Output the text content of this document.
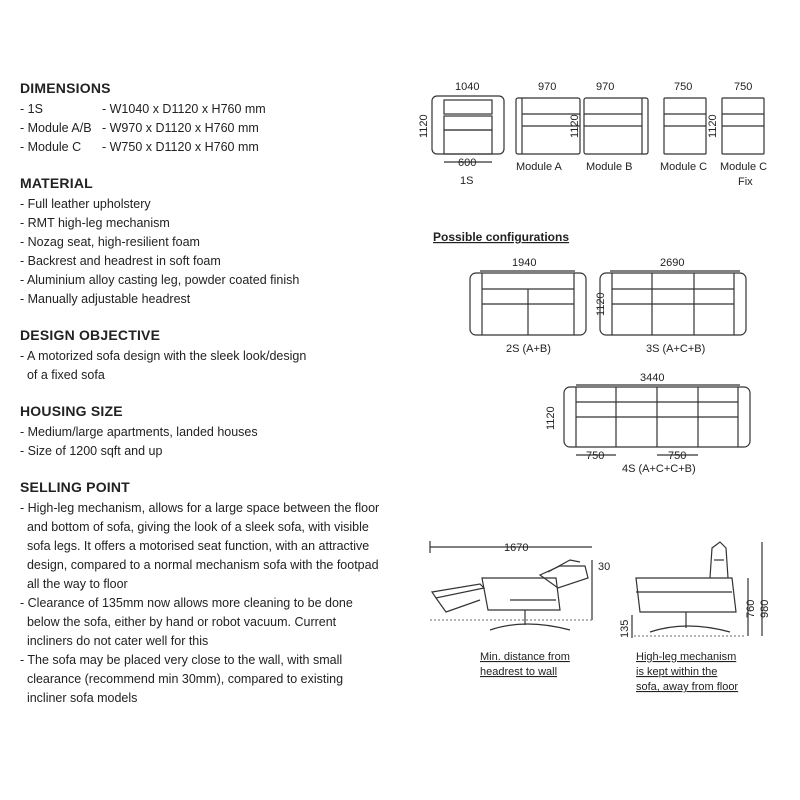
DIMENSIONS
- 1S	- W1040 x D1120 x H760 mm
- Module A/B - W970 x D1120 x H760 mm
- Module C	- W750 x D1120 x H760 mm
MATERIAL
- Full leather upholstery
- RMT high-leg mechanism
- Nozag seat, high-resilient foam
- Backrest and headrest in soft foam
- Aluminium alloy casting leg, powder coated finish
- Manually adjustable headrest
DESIGN OBJECTIVE
- A motorized sofa design with the sleek look/design
of a fixed sofa
HOUSING SIZE
- Medium/large apartments, landed houses
- Size of 1200 sqft and up
SELLING POINT
- High-leg mechanism, allows for a large space between the floor
and bottom of sofa, giving the look of a sleek sofa, with visible
sofa legs. It offers a motorised seat function, with an attractive
design, compared to a normal mechanism sofa with the footpad
all the way to floor
- Clearance of 135mm now allows more cleaning to be done
below the sofa, either by hand or robot vacuum. Current
incliners do not cater well for this
- The sofa may be placed very close to the wall, with small
clearance (recommend min 30mm), compared to existing
incliner sofa models
1040
1120
600
1S
970
Module A
970
1120
Module B
750
Module C
750
1120
Module C
Fix
Possible configurations
1940
2S (A+B)
2690
1120
3S (A+C+B)
3440
1120
750	750
4S (A+C+C+B)
1670
30
Min. distance from
headrest to wall
135
760 980
High-leg mechanism
is kept within the
sofa, away from floor
